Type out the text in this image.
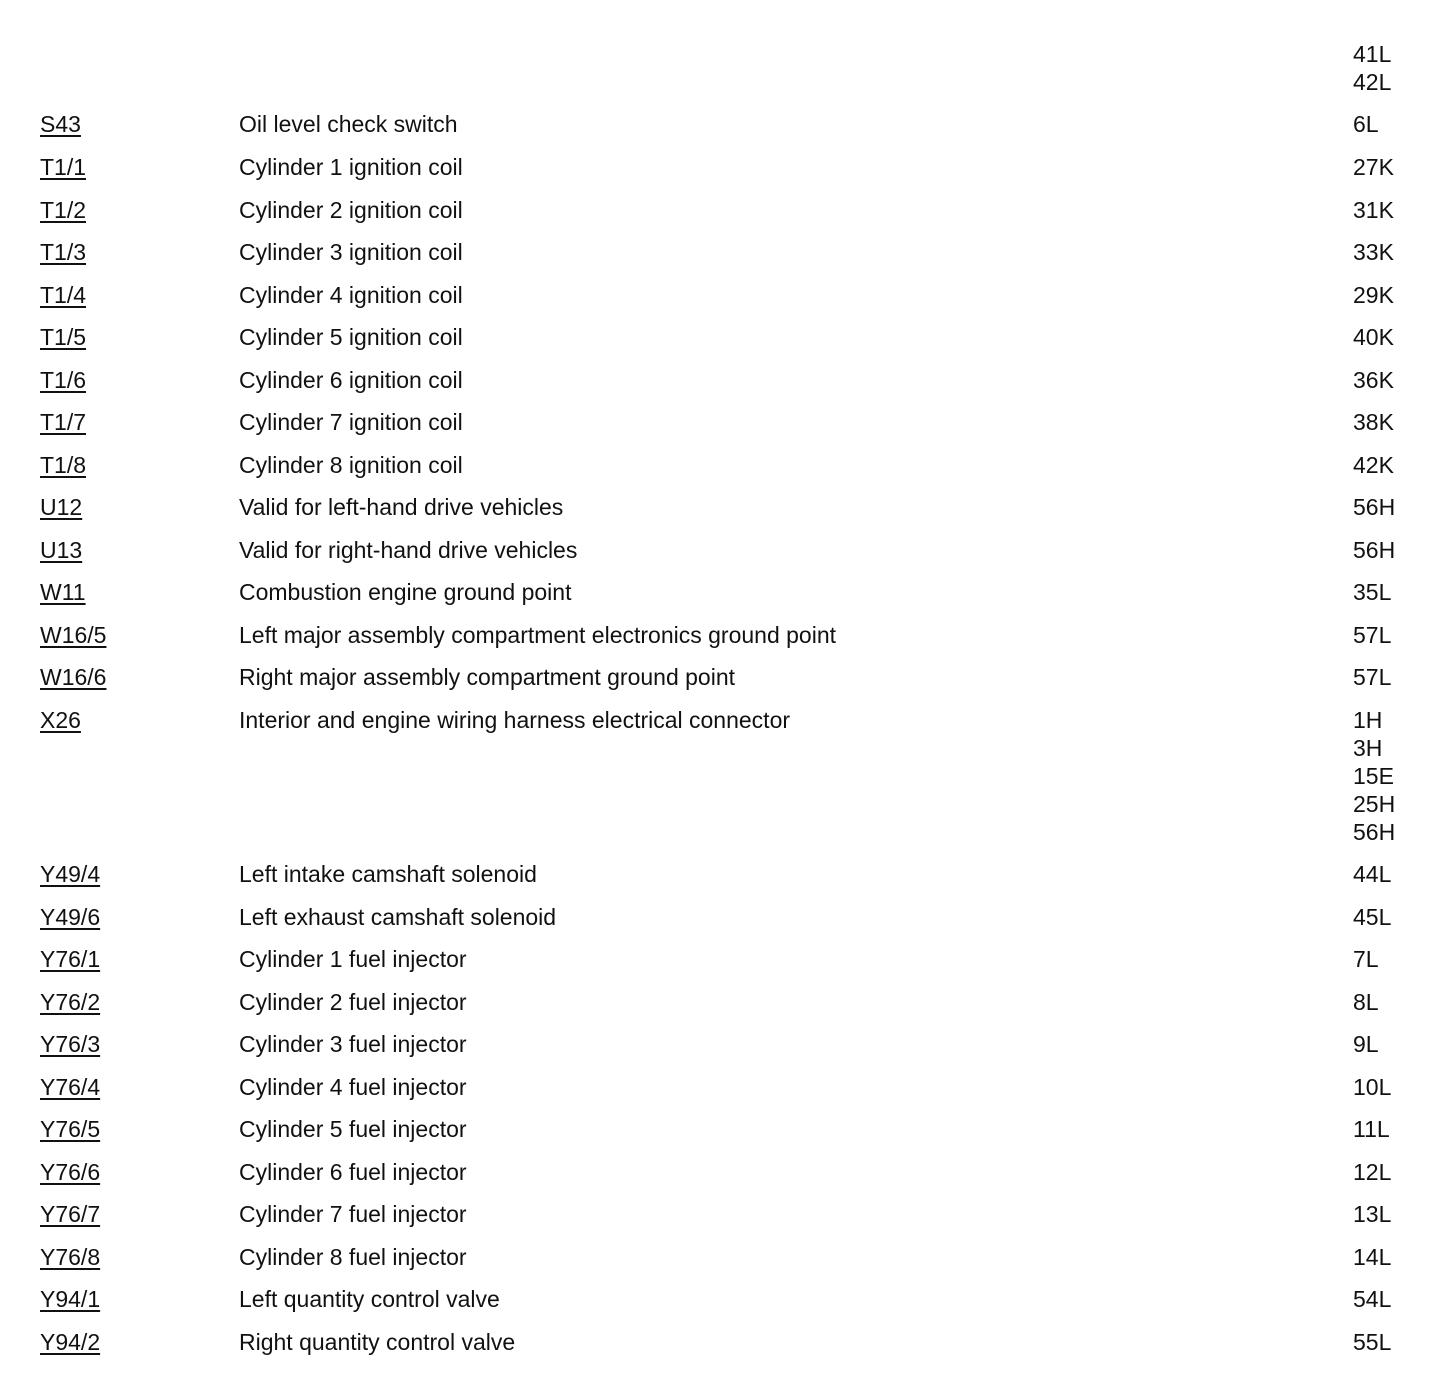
41L
42L
S43	Oil level check switch	6L
T1/1	Cylinder 1 ignition coil	27K
T1/2	Cylinder 2 ignition coil	31K
T1/3	Cylinder 3 ignition coil	33K
T1/4	Cylinder 4 ignition coil	29K
T1/5	Cylinder 5 ignition coil	40K
T1/6	Cylinder 6 ignition coil	36K
T1/7	Cylinder 7 ignition coil	38K
T1/8	Cylinder 8 ignition coil	42K
U12	Valid for left-hand drive vehicles	56H
U13	Valid for right-hand drive vehicles	56H
W11	Combustion engine ground point	35L
W16/5	Left major assembly compartment electronics ground point	57L
W16/6	Right major assembly compartment ground point	57L
X26	Interior and engine wiring harness electrical connector	1H
3H
15E
25H
56H
Y49/4	Left intake camshaft solenoid	44L
Y49/6	Left exhaust camshaft solenoid	45L
Y76/1	Cylinder 1 fuel injector	7L
Y76/2	Cylinder 2 fuel injector	8L
Y76/3	Cylinder 3 fuel injector	9L
Y76/4	Cylinder 4 fuel injector	10L
Y76/5	Cylinder 5 fuel injector	11L
Y76/6	Cylinder 6 fuel injector	12L
Y76/7	Cylinder 7 fuel injector	13L
Y76/8	Cylinder 8 fuel injector	14L
Y94/1	Left quantity control valve	54L
Y94/2	Right quantity control valve	55L
